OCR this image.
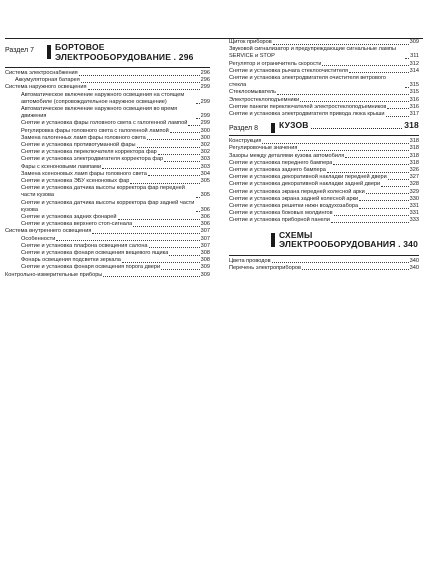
Раздел 7	БОРТОВОЕ
ЭЛЕКТРООБОРУДОВАНИЕ . 296
Система электроснабжения	296
Аккумуляторная батарея	296
Система наружного освещения	299
Автоматическое включение наружного освещения на стоящем автомобиле (сопровождательное наружное освещение)	299
Автоматическое включение наружного освещения во время движения	299
Снятие и установка фары головного света с галогенной лампой 299
Регулировка фары головного света с галогенной лампой	300
Замена галогенных ламп фары головного света	300
Снятие и установка противотуманной фары	302
Снятие и установка переключателя корректора фар	302
Снятие и установка электродвигателя корректора фар	303
Фары с ксеноновыми лампами	303
Замена ксеноновых ламп фары головного света	304
Снятие и установка ЭБУ ксеноновых фар	305
Снятие и установка датчика высоты корректора фар передней части кузова	305
Снятие и установка датчика высоты корректора фар задней части кузова	306
Снятие и установка задних фонарей	306
Снятие и установка верхнего стоп-сигнала	306
Система внутреннего освещения	307
Особенности	307
Снятие и установка плафона освещения салона	307
Снятие и установка фонаря освещения вещевого ящика	308
Фонарь освещения подсветки зеркала	308
Снятие и установка фонаря освещения порога двери	309
Контрольно-измерительные приборы	309
Щиток приборов	309
Звуковой сигнализатор и предупреждающие сигнальные лампы SERVICE и STOP	311
Регулятор и ограничитель скорости	312
Снятие и установка рычага стеклоочистителя	314
Снятие и установка электродвигателя очистителя ветрового стекла	315
Стеклоомыватель	315
Электростеклоподъемники	316
Снятие панели переключателей электростеклоподъемников	316
Снятие и установка электродвигателя привода люка крыши	317
Раздел 8	КУЗОВ	318
Конструкция	318
Регулировочные значения	318
Зазоры между деталями кузова автомобиля	318
Снятие и установка переднего бампера	318
Снятие и установка заднего бампера	326
Снятие и установка декоративной накладки передней двери	327
Снятие и установка декоративной накладки задней двери	328
Снятие и установка экрана передней колесной арки	329
Снятие и установка экрана задней колесной арки	330
Снятие и установка решетки нижн воздухозабора	331
Снятие и установка боковых молдингов	331
Снятие и установка приборной панели	333
СХЕМЫ
ЭЛЕКТРООБОРУДОВАНИЯ . 340
Цвета проводов	340
Перечень электроприборов	340
